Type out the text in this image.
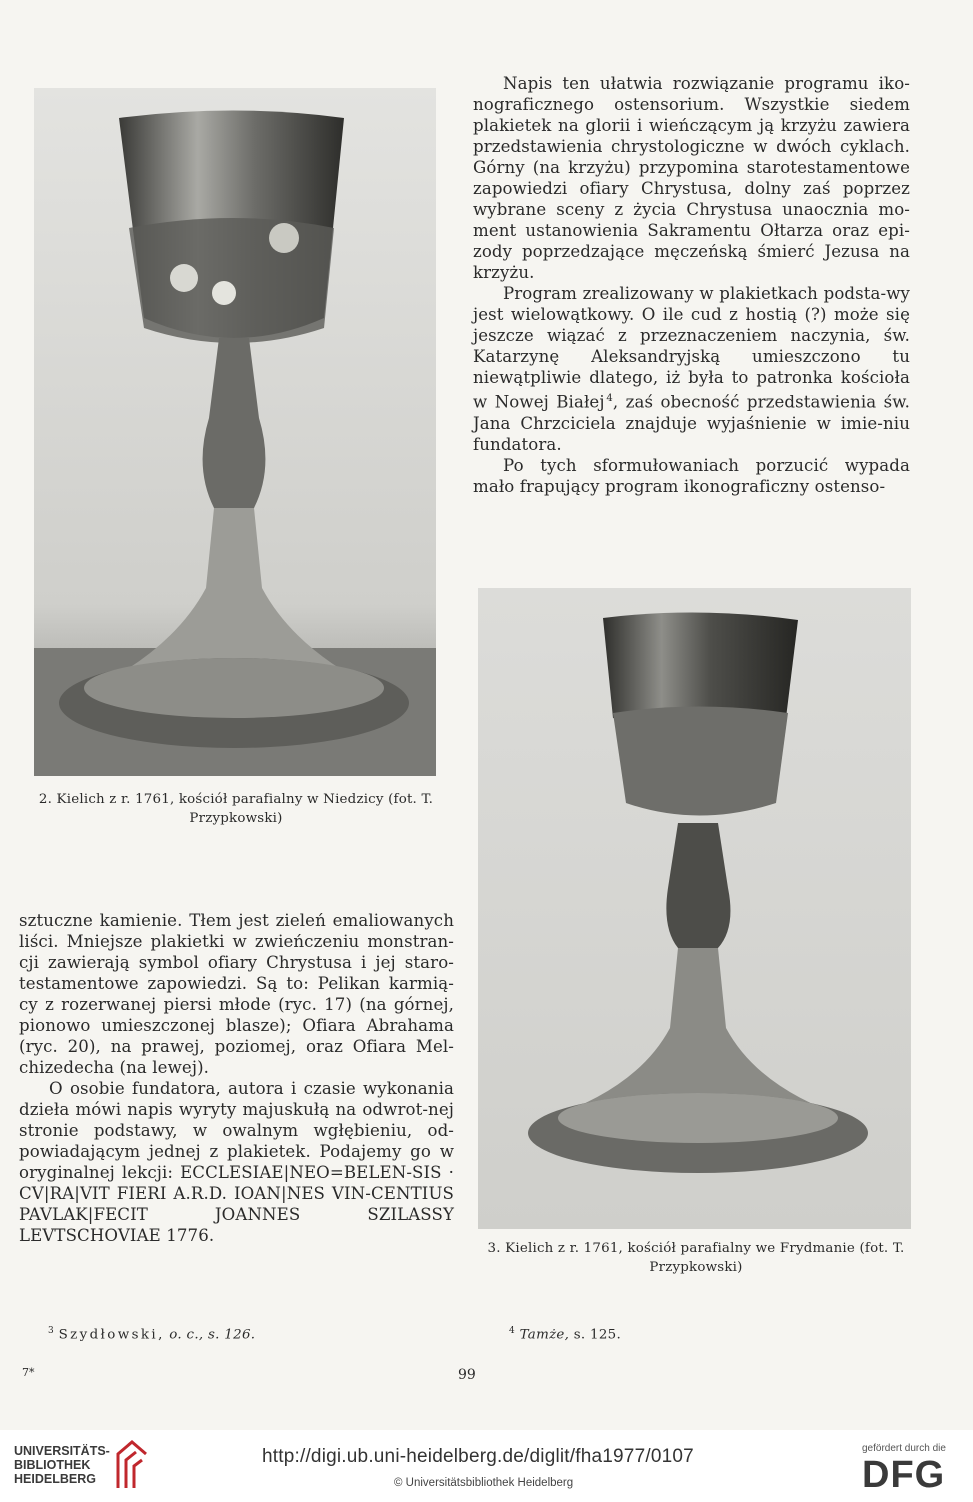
2. Kielich z r. 1761, kościół parafialny w Niedzicy (fot. T. Przypkowski)

Napis ten ułatwia rozwiązanie programu iko-nograficznego ostensorium. Wszystkie siedem plakietek na glorii i wieńczącym ją krzyżu zawiera przedstawienia chrystologiczne w dwóch cyklach. Górny (na krzyżu) przypomina starotestamentowe zapowiedzi ofiary Chrystusa, dolny zaś poprzez wybrane sceny z życia Chrystusa unaocznia mo-ment ustanowienia Sakramentu Ołtarza oraz epi-zody poprzedzające męczeńską śmierć Jezusa na krzyżu.

Program zrealizowany w plakietkach podsta-wy jest wielowątkowy. O ile cud z hostią (?) może się jeszcze wiązać z przeznaczeniem naczynia, św. Katarzynę Aleksandryjską umieszczono tu niewątpliwie dlatego, iż była to patronka kościoła w Nowej Białej  $^4$, zaś obecność przedstawienia św. Jana Chrzciciela znajduje wyjaśnienie w imie-niu fundatora.

Po tych sformułowaniach porzucić wypada mało frapujący program ikonograficzny ostenso-

3. Kielich z r. 1761, kościół parafialny we Frydmanie (fot. T. Przypkowski)

sztuczne kamienie. Tłem jest zieleń emaliowanych liści. Mniejsze plakietki w zwieńczeniu monstran-cji zawierają symbol ofiary Chrystusa i jej staro-testamentowe zapowiedzi. Są to: Pelikan karmią-cy z rozerwanej piersi młode (ryc. 17) (na górnej, pionowo umieszczonej blasze); Ofiara Abrahama (ryc. 20), na prawej, poziomej, oraz Ofiara Mel-chizedecha (na lewej).

O osobie fundatora, autora i czasie wykonania dzieła mówi napis wyryty majuskułą na odwrot-nej stronie podstawy, w owalnym wgłębieniu, od-powiadającym jednej z plakietek. Podajemy go w oryginalnej lekcji: ECCLESIAE|NEO=BELEN-SIS · CV|RA|VIT FIERI A.R.D. IOAN|NES VIN-CENTIUS PAVLAK|FECIT JOANNES SZILASSY LEVTSCHOVIAE 1776.

$^3$ Szydłowski, o. c., s. 126.	$^4$ Tamże, s. 125.
7*	99
UNIVERSITÄTS-
BIBLIOTHEK
HEIDELBERG
http://digi.ub.uni-heidelberg.de/diglit/fha1977/0107
© Universitätsbibliothek Heidelberg
gefördert durch die
DFG
